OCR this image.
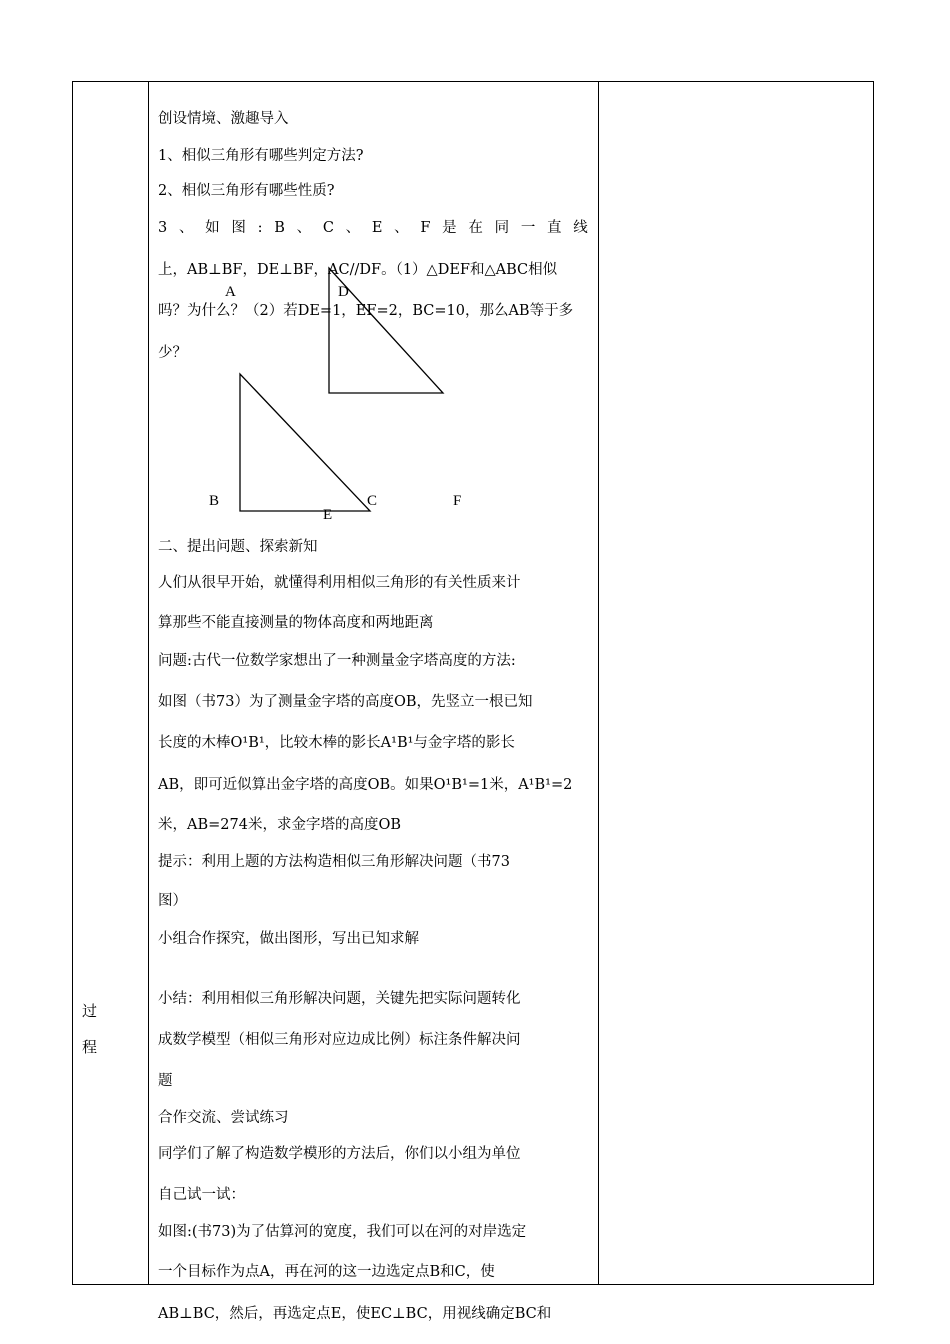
过
程
创设情境、激趣导入
1、相似三角形有哪些判定方法?
2、相似三角形有哪些性质?
3 、 如 图 : B 、 C 、 E 、 F 是 在 同 一 直 线
上，AB⊥BF，DE⊥BF，AC//DF。（1）△DEF和△ABC相似
吗？为什么？（2）若DE=1，EF=2，BC=10，那么AB等于多
少？
A	D
B	C	F
E
二、提出问题、探索新知
人们从很早开始，就懂得利用相似三角形的有关性质来计
算那些不能直接测量的物体高度和两地距离
问题:古代一位数学家想出了一种测量金字塔高度的方法:
如图（书73）为了测量金字塔的高度OB，先竖立一根已知
长度的木棒O¹B¹，比较木棒的影长A¹B¹与金字塔的影长
AB，即可近似算出金字塔的高度OB。如果O¹B¹=1米，A¹B¹=2
米，AB=274米，求金字塔的高度OB
提示：利用上题的方法构造相似三角形解决问题（书73
图）
小组合作探究，做出图形，写出已知求解
小结：利用相似三角形解决问题，关键先把实际问题转化
成数学模型（相似三角形对应边成比例）标注条件解决问
题
合作交流、尝试练习
同学们了解了构造数学模形的方法后，你们以小组为单位
自己试一试：
如图:(书73)为了估算河的宽度，我们可以在河的对岸选定
一个目标作为点A，再在河的这一边选定点B和C，使
AB⊥BC，然后，再选定点E，使EC⊥BC，用视线确定BC和
